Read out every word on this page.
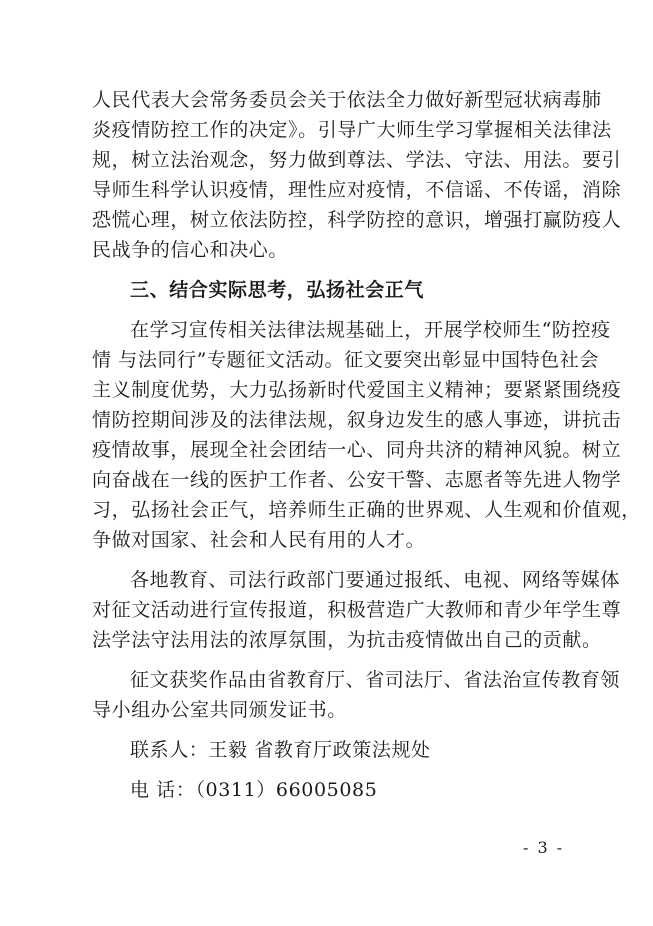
人民代表大会常务委员会关于依法全力做好新型冠状病毒肺
炎疫情防控工作的决定》。引导广大师生学习掌握相关法律法
规，树立法治观念，努力做到尊法、学法、守法、用法。要引
导师生科学认识疫情，理性应对疫情，不信谣、不传谣，消除
恐慌心理，树立依法防控，科学防控的意识，增强打赢防疫人
民战争的信心和决心。
三、结合实际思考，弘扬社会正气
在学习宣传相关法律法规基础上，开展学校师生“防控疫
情 与法同行”专题征文活动。征文要突出彰显中国特色社会
主义制度优势，大力弘扬新时代爱国主义精神；要紧紧围绕疫
情防控期间涉及的法律法规，叙身边发生的感人事迹，讲抗击
疫情故事，展现全社会团结一心、同舟共济的精神风貌。树立
向奋战在一线的医护工作者、公安干警、志愿者等先进人物学
习，弘扬社会正气，培养师生正确的世界观、人生观和价值观，
争做对国家、社会和人民有用的人才。
各地教育、司法行政部门要通过报纸、电视、网络等媒体
对征文活动进行宣传报道，积极营造广大教师和青少年学生尊
法学法守法用法的浓厚氛围，为抗击疫情做出自己的贡献。
征文获奖作品由省教育厅、省司法厅、省法治宣传教育领
导小组办公室共同颁发证书。
联系人：王毅 省教育厅政策法规处
电 话：（0311）66005085
- 3 -
